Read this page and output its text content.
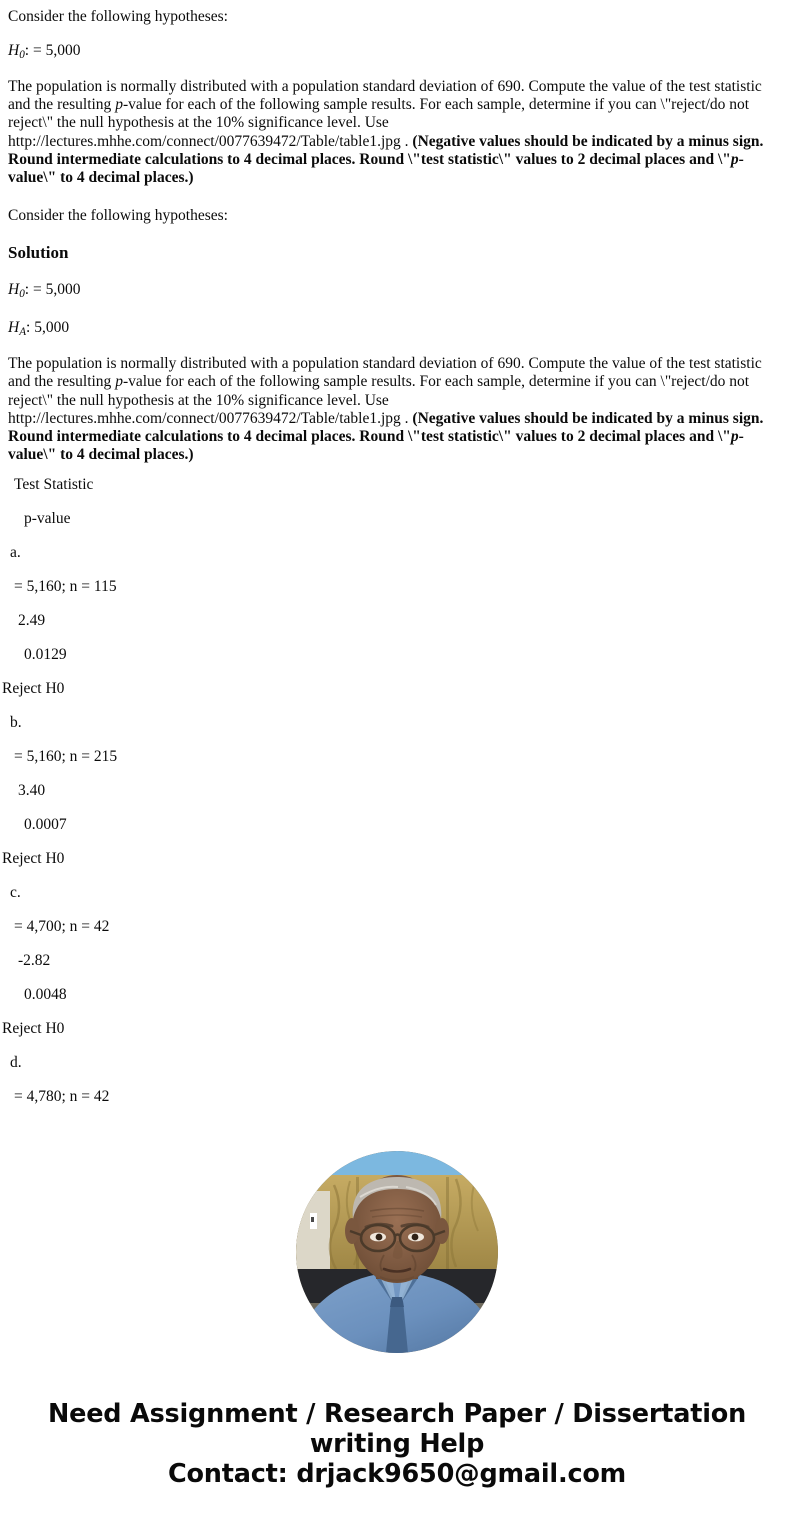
Consider the following hypotheses:

$H_0$: = 5,000

The population is normally distributed with a population standard deviation of 690. Compute the value of the test statistic and the resulting p-value for each of the following sample results. For each sample, determine if you can \"reject/do not reject\" the null hypothesis at the 10% significance level. Use http://lectures.mhhe.com/connect/0077639472/Table/table1.jpg . (Negative values should be indicated by a minus sign. Round intermediate calculations to 4 decimal places. Round \"test statistic\" values to 2 decimal places and \"p-value\" to 4 decimal places.)

Consider the following hypotheses:

Solution

$H_0$: = 5,000

$H_A$: 5,000

The population is normally distributed with a population standard deviation of 690. Compute the value of the test statistic and the resulting p-value for each of the following sample results. For each sample, determine if you can \"reject/do not reject\" the null hypothesis at the 10% significance level. Use http://lectures.mhhe.com/connect/0077639472/Table/table1.jpg . (Negative values should be indicated by a minus sign. Round intermediate calculations to 4 decimal places. Round \"test statistic\" values to 2 decimal places and \"p-value\" to 4 decimal places.)

Test Statistic

p-value

a.

= 5,160; n = 115

2.49

0.0129

Reject H0

b.

= 5,160; n = 215

3.40

0.0007

Reject H0

c.

= 4,700; n = 42

-2.82

0.0048

Reject H0

d.

= 4,780; n = 42

Need Assignment / Research Paper / Dissertation
writing Help
Contact: drjack9650@gmail.com
